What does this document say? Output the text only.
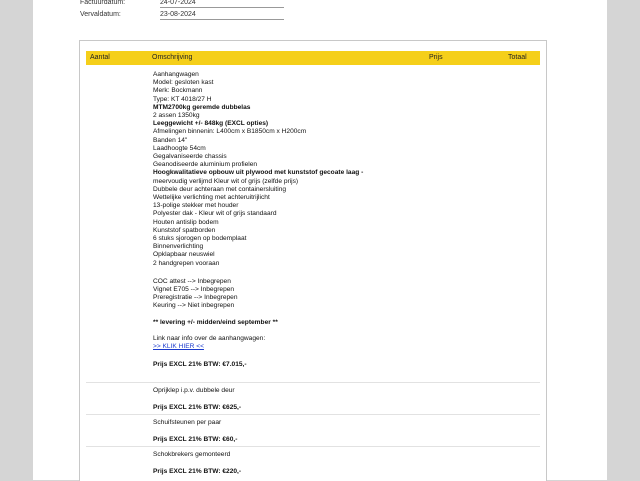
Factuurdatum:	24-07-2024
Vervaldatum:	23-08-2024
Aantal	Omschrijving	Prijs	Totaal
Aanhangwagen
Model: gesloten kast
Merk: Bockmann
Type: KT 4018/27 H
MTM2700kg geremde dubbelas
2 assen 1350kg
Leeggewicht +/- 848kg (EXCL opties)
Afmelingen binnenin: L400cm x B1850cm x H200cm
Banden 14"
Laadhoogte 54cm
Gegalvaniseerde chassis
Geanodiseerde aluminium profielen
Hoogkwalitatieve opbouw uit plywood met kunststof gecoate laag -
meervoudig verlijmd Kleur wit of grijs (zelfde prijs)
Dubbele deur achteraan met containersluiting
Wettelijke verlichting met achteruitrijlicht
13-polige stekker met houder
Polyester dak - Kleur wit of grijs standaard
Houten antislip bodem
Kunststof spatborden
6 stuks sjorogen op bodemplaat
Binnenverlichting
Opklapbaar neuswiel
2 handgrepen vooraan
COC attest --> Inbegrepen
Vignet E705 --> Inbegrepen
Preregistratie --> Inbegrepen
Keuring --> Niet inbegrepen
** levering +/- midden/eind september **
Link naar info over de aanhangwagen:
>> KLIK HIER <<
Prijs EXCL 21% BTW: €7.015,-
Oprijklep i.p.v. dubbele deur
Prijs EXCL 21% BTW: €625,-
Schuifsteunen per paar
Prijs EXCL 21% BTW: €60,-
Schokbrekers gemonteerd
Prijs EXCL 21% BTW: €220,-
